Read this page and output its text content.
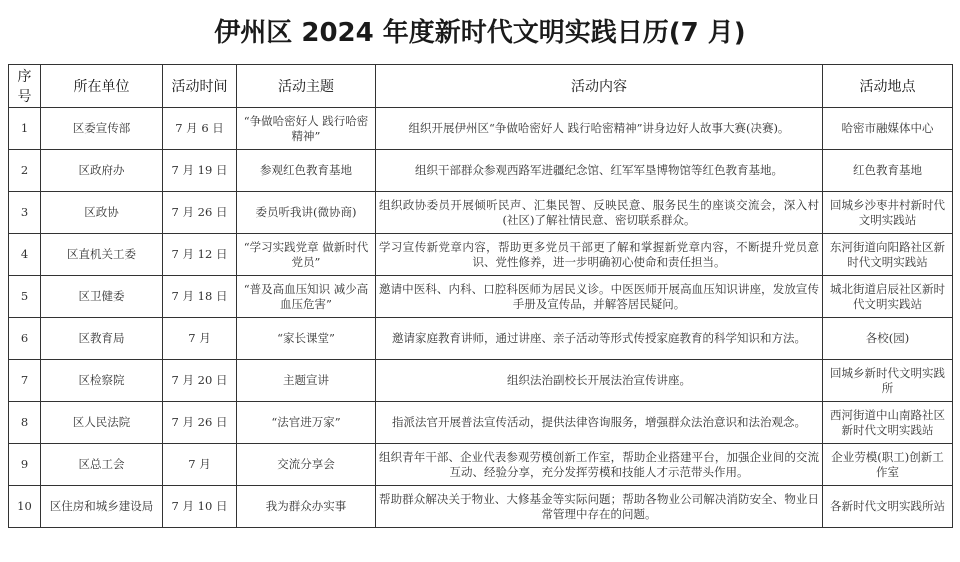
伊州区 2024 年度新时代文明实践日历(7 月)
序号	所在单位	活动时间	活动主题	活动内容	活动地点
1	区委宣传部	7 月 6 日	“争做哈密好人 践行哈密精神”	组织开展伊州区“争做哈密好人 践行哈密精神”讲身边好人故事大赛(决赛)。	哈密市融媒体中心
2	区政府办	7 月 19 日	参观红色教育基地	组织干部群众参观西路军进疆纪念馆、红军军垦博物馆等红色教育基地。	红色教育基地
3	区政协	7 月 26 日	委员听我讲(微协商)	组织政协委员开展倾听民声、汇集民智、反映民意、服务民生的座谈交流会，深入村(社区)了解社情民意、密切联系群众。	回城乡沙枣井村新时代文明实践站
4	区直机关工委	7 月 12 日	“学习实践党章 做新时代党员”	学习宣传新党章内容，帮助更多党员干部更了解和掌握新党章内容，不断提升党员意识、党性修养，进一步明确初心使命和责任担当。	东河街道向阳路社区新时代文明实践站
5	区卫健委	7 月 18 日	“普及高血压知识 减少高血压危害”	邀请中医科、内科、口腔科医师为居民义诊。中医医师开展高血压知识讲座，发放宣传手册及宣传品，并解答居民疑问。	城北街道启辰社区新时代文明实践站
6	区教育局	7 月	“家长课堂”	邀请家庭教育讲师，通过讲座、亲子活动等形式传授家庭教育的科学知识和方法。	各校(园)
7	区检察院	7 月 20 日	主题宣讲	组织法治副校长开展法治宣传讲座。	回城乡新时代文明实践所
8	区人民法院	7 月 26 日	“法官进万家”	指派法官开展普法宣传活动，提供法律咨询服务，增强群众法治意识和法治观念。	西河街道中山南路社区新时代文明实践站
9	区总工会	7 月	交流分享会	组织青年干部、企业代表参观劳模创新工作室，帮助企业搭建平台，加强企业间的交流互动、经验分享，充分发挥劳模和技能人才示范带头作用。	企业劳模(职工)创新工作室
10	区住房和城乡建设局	7 月 10 日	我为群众办实事	帮助群众解决关于物业、大修基金等实际问题；帮助各物业公司解决消防安全、物业日常管理中存在的问题。	各新时代文明实践所站
